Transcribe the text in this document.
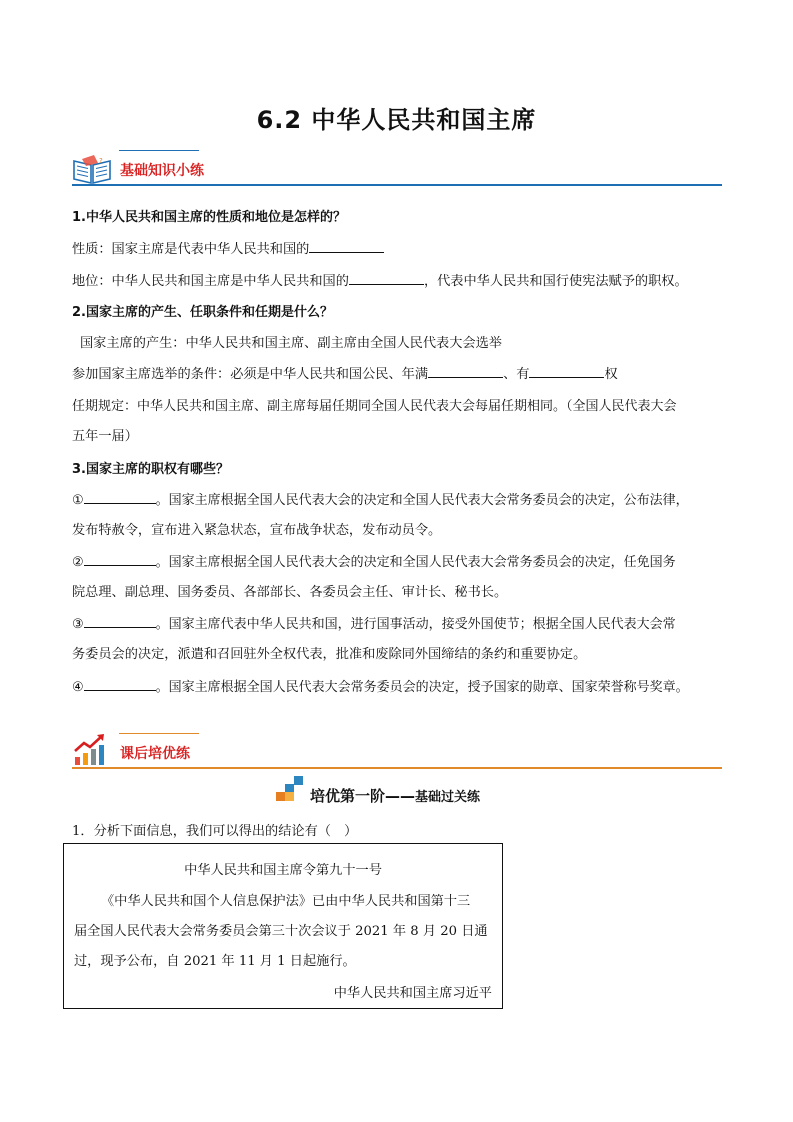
6.2 中华人民共和国主席
?
基础知识小练
1.中华人民共和国主席的性质和地位是怎样的？
性质：国家主席是代表中华人民共和国的
地位：中华人民共和国主席是中华人民共和国的	，代表中华人民共和国行使宪法赋予的职权。
2.国家主席的产生、任职条件和任期是什么？
国家主席的产生：中华人民共和国主席、副主席由全国人民代表大会选举
参加国家主席选举的条件：必须是中华人民共和国公民、年满	、有	权
任期规定：中华人民共和国主席、副主席每届任期同全国人民代表大会每届任期相同。（全国人民代表大会
五年一届）
3.国家主席的职权有哪些？
①	。国家主席根据全国人民代表大会的决定和全国人民代表大会常务委员会的决定，公布法律，
发布特赦令，宣布进入紧急状态，宣布战争状态，发布动员令。
②	。国家主席根据全国人民代表大会的决定和全国人民代表大会常务委员会的决定，任免国务
院总理、副总理、国务委员、各部部长、各委员会主任、审计长、秘书长。
③	。国家主席代表中华人民共和国，进行国事活动，接受外国使节；根据全国人民代表大会常
务委员会的决定，派遣和召回驻外全权代表，批准和废除同外国缔结的条约和重要协定。
④	。国家主席根据全国人民代表大会常务委员会的决定，授予国家的勋章、国家荣誉称号奖章。
课后培优练
培优第一阶——基础过关练
1．分析下面信息，我们可以得出的结论有（　）
中华人民共和国主席令第九十一号
《中华人民共和国个人信息保护法》已由中华人民共和国第十三
届全国人民代表大会常务委员会第三十次会议于 2021 年 8 月 20 日通
过，现予公布，自 2021 年 11 月 1 日起施行。
中华人民共和国主席习近平
